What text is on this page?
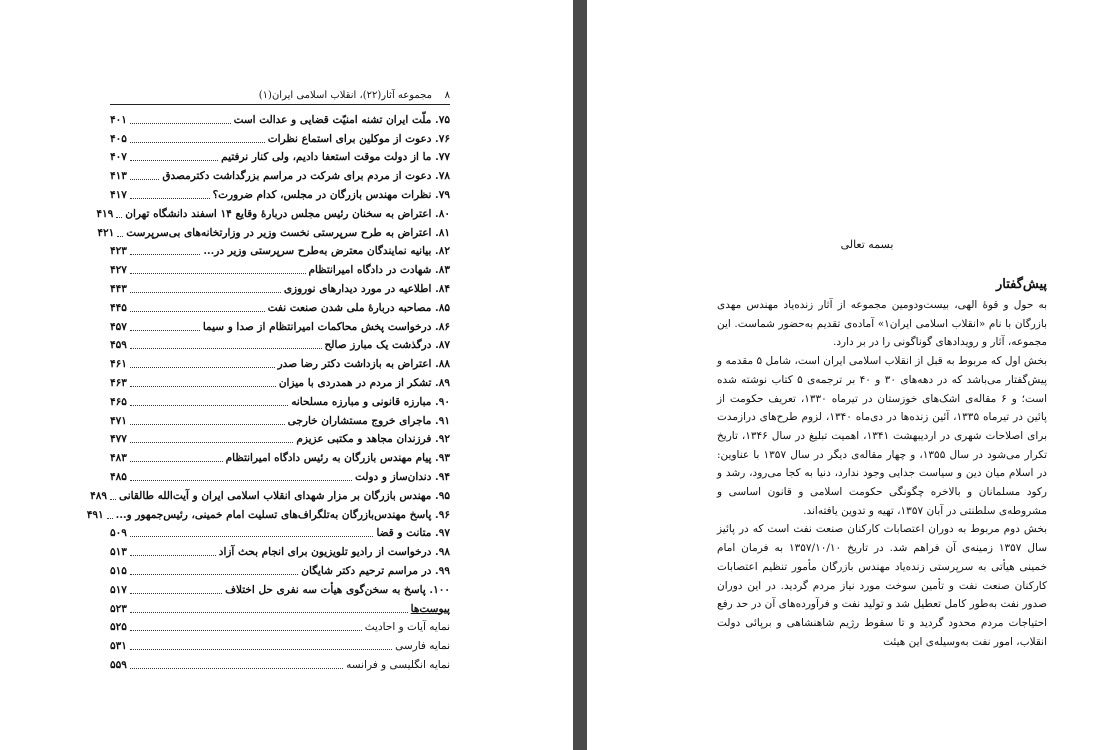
۸
مجموعه آثار(۲۲)، انقلاب اسلامی ایران(۱)
۷۵. ملّت ایران تشنه امنیّت قضایی و عدالت است
۴۰۱
۷۶. دعوت از موکلین برای استماع نظرات
۴۰۵
۷۷. ما از دولت موقت استعفا دادیم، ولی کنار نرفتیم
۴۰۷
۷۸. دعوت از مردم برای شرکت در مراسم بزرگداشت دکترمصدق
۴۱۳
۷۹. نظرات مهندس بازرگان در مجلس، کدام ضرورت؟
۴۱۷
۸۰. اعتراض به سخنان رئیس مجلس دربارهٔ وقایع ۱۴ اسفند دانشگاه تهران
۴۱۹
۸۱. اعتراض به طرح سرپرستی نخست وزیر در وزارتخانه‌های بی‌سرپرست
۴۲۱
۸۲. بیانیه نمایندگان معترض به‌طرح سرپرستی وزیر در...
۴۲۳
۸۳. شهادت در دادگاه امیرانتظام
۴۲۷
۸۴. اطلاعیه در مورد دیدارهای نوروزی
۴۴۳
۸۵. مصاحبه دربارهٔ ملی شدن صنعت نفت
۴۴۵
۸۶. درخواست پخش محاکمات امیرانتظام از صدا و سیما
۴۵۷
۸۷. درگذشت یک مبارز صالح
۴۵۹
۸۸. اعتراض به بازداشت دکتر رضا صدر
۴۶۱
۸۹. تشکر از مردم در همدردی با میزان
۴۶۳
۹۰. مبارزه قانونی و مبارزه مسلحانه
۴۶۵
۹۱. ماجرای خروج مستشاران خارجی
۴۷۱
۹۲. فرزندان مجاهد و مکتبی عزیزم
۴۷۷
۹۳. پیام مهندس بازرگان به رئیس دادگاه امیرانتظام
۴۸۳
۹۴. دندان‌ساز و دولت
۴۸۵
۹۵. مهندس بازرگان بر مزار شهدای انقلاب اسلامی ایران و آیت‌الله طالقانی
۴۸۹
۹۶. پاسخ مهندس‌بازرگان به‌تلگراف‌های تسلیت امام خمینی، رئیس‌جمهور و...
۴۹۱
۹۷. متانت و قضا
۵۰۹
۹۸. درخواست از رادیو تلویزیون برای انجام بحث آزاد
۵۱۳
۹۹. در مراسم ترحیم دکتر شایگان
۵۱۵
۱۰۰. پاسخ به سخن‌گوی هیأت سه نفری حل اختلاف
۵۱۷
پیوست‌ها
۵۲۳
نمایه آیات و احادیث
۵۲۵
نمایه فارسی
۵۳۱
نمایه انگلیسی و فرانسه
۵۵۹
بسمه تعالی
پیش‌گفتار

به حول و قوهٔ الهی، بیست‌ودومین مجموعه از آثار زنده‌یاد مهندس مهدی بازرگان با نام «انقلاب اسلامی ایران۱» آماده‌ی تقدیم به‌حضور شماست. این مجموعه، آثار و رویدادهای گوناگونی را در بر دارد.

بخش اول که مربوط به قبل از انقلاب اسلامی ایران است، شامل ۵ مقدمه و پیش‌گفتار می‌باشد که در دهه‌های ۳۰ و ۴۰ بر ترجمه‌ی ۵ کتاب نوشته شده است؛ و ۶ مقاله‌ی اشک‌های خوزستان در تیرماه ۱۳۳۰، تعریف حکومت از پائین در تیرماه ۱۳۳۵، آئین زنده‌ها در دی‌ماه ۱۳۴۰، لزوم طرح‌های درازمدت برای اصلاحات شهری در اردیبهشت ۱۳۴۱، اهمیت تبلیغ در سال ۱۳۴۶، تاریخ تکرار می‌شود در سال ۱۳۵۵، و چهار مقاله‌ی دیگر در سال ۱۳۵۷ با عناوین: در اسلام میان دین و سیاست جدایی وجود ندارد، دنیا به کجا می‌رود، رشد و رکود مسلمانان و بالاخره چگونگی حکومت اسلامی و قانون اساسی و مشروطه‌ی سلطنتی در آبان ۱۳۵۷، تهیه و تدوین یافته‌اند.

بخش دوم مربوط به دوران اعتصابات کارکنان صنعت نفت است که در پائیز سال ۱۳۵۷ زمینه‌ی آن فراهم شد. در تاریخ ۱۳۵۷/۱۰/۱۰ به فرمان امام خمینی هیأتی به سرپرستی زنده‌یاد مهندس بازرگان مأمور تنظیم اعتصابات کارکنان صنعت نفت و تأمین سوخت مورد نیاز مردم گردید. در این دوران صدور نفت به‌طور کامل تعطیل شد و تولید نفت و فرآورده‌های آن در حد رفع احتیاجات مردم محدود گردید و تا سقوط رژیم شاهنشاهی و برپائی دولت انقلاب، امور نفت به‌وسیله‌ی این هیئت
